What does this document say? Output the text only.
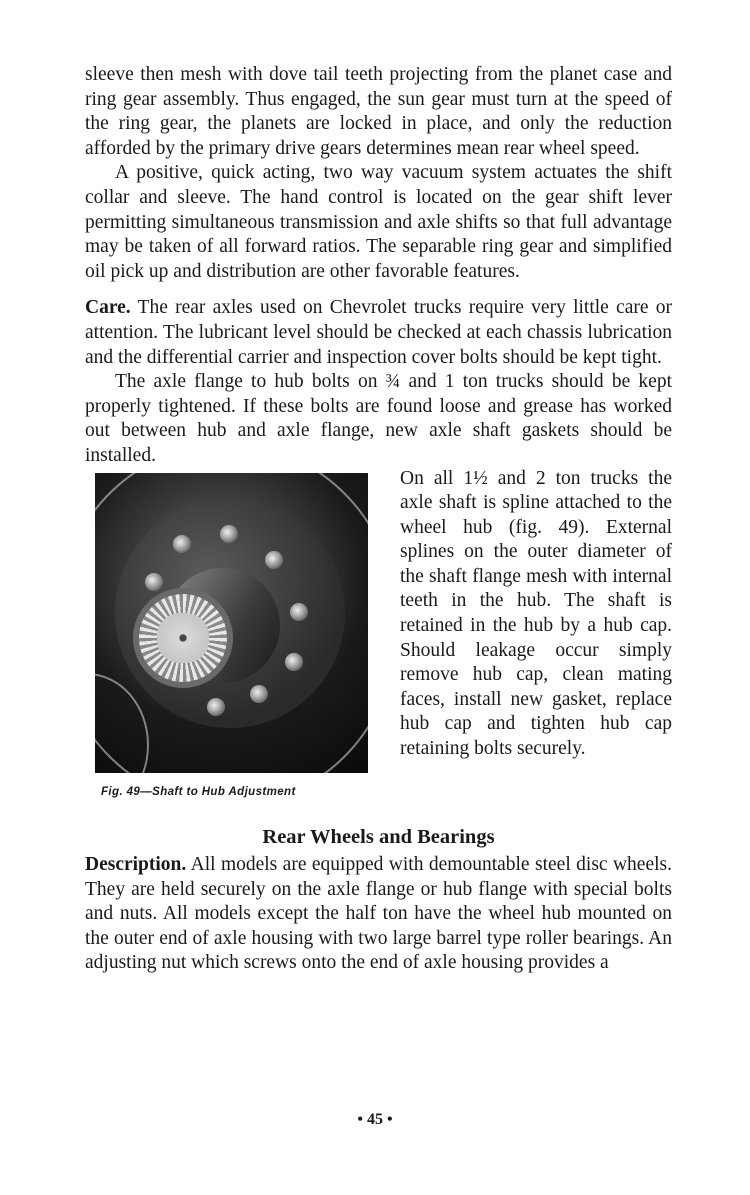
sleeve then mesh with dove tail teeth projecting from the planet case and ring gear assembly. Thus engaged, the sun gear must turn at the speed of the ring gear, the planets are locked in place, and only the reduction afforded by the primary drive gears determines mean rear wheel speed.

A positive, quick acting, two way vacuum system actuates the shift collar and sleeve. The hand control is located on the gear shift lever permitting simultaneous transmission and axle shifts so that full advantage may be taken of all forward ratios. The separable ring gear and simplified oil pick up and distribution are other favorable features.

Care. The rear axles used on Chevrolet trucks require very little care or attention. The lubricant level should be checked at each chassis lubrication and the differential carrier and inspection cover bolts should be kept tight.

The axle flange to hub bolts on ¾ and 1 ton trucks should be kept properly tightened. If these bolts are found loose and grease has worked out between hub and axle flange, new axle shaft gaskets should be installed.

Fig. 49—Shaft to Hub Adjustment

On all 1½ and 2 ton trucks the axle shaft is spline attached to the wheel hub (fig. 49). External splines on the outer diameter of the shaft flange mesh with internal teeth in the hub. The shaft is retained in the hub by a hub cap. Should leakage occur simply remove hub cap, clean mating faces, install new gasket, replace hub cap and tighten hub cap retaining bolts securely.

Rear Wheels and Bearings

Description. All models are equipped with demountable steel disc wheels. They are held securely on the axle flange or hub flange with special bolts and nuts. All models except the half ton have the wheel hub mounted on the outer end of axle housing with two large barrel type roller bearings. An adjusting nut which screws onto the end of axle housing provides a

• 45 •
